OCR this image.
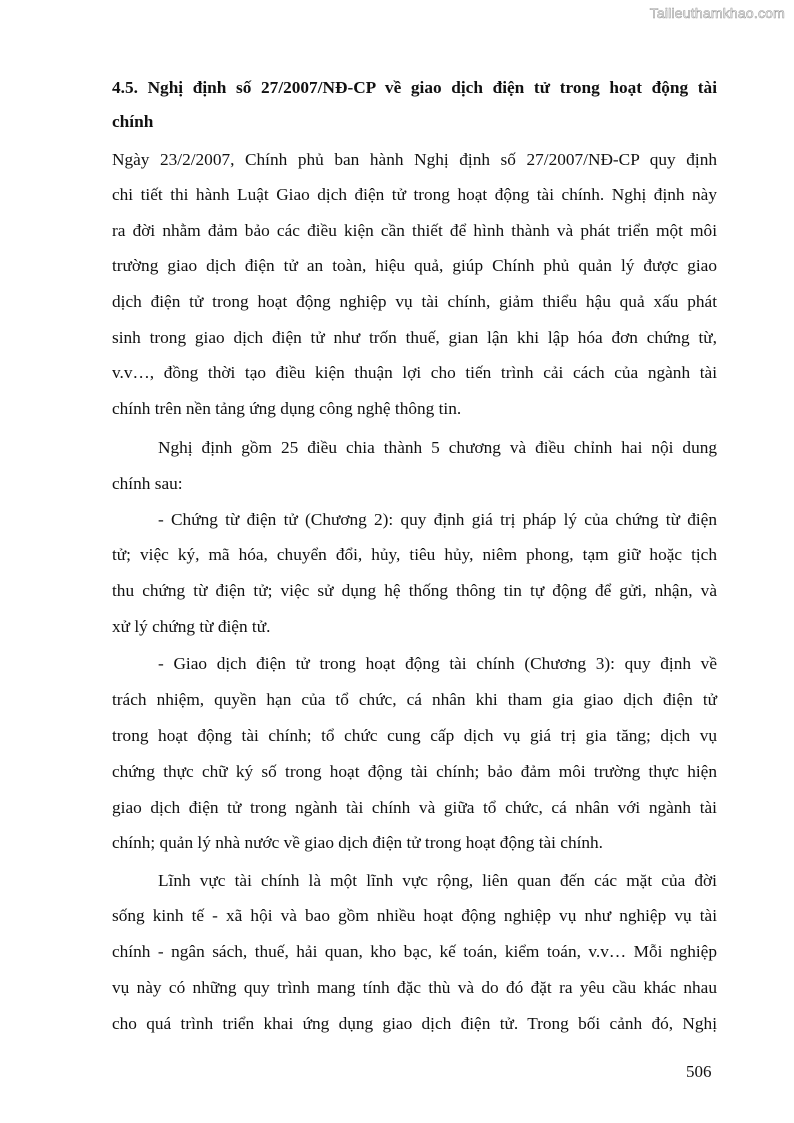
Tailieuthamkhao.com
4.5. Nghị định số 27/2007/NĐ-CP về giao dịch điện tử trong hoạt động tài
chính
Ngày 23/2/2007, Chính phủ ban hành Nghị định số 27/2007/NĐ-CP quy định
chi tiết thi hành Luật Giao dịch điện tử trong hoạt động tài chính. Nghị định này
ra đời nhằm đảm bảo các điều kiện cần thiết để hình thành và phát triển một môi
trường giao dịch điện tử an toàn, hiệu quả, giúp Chính phủ quản lý được giao
dịch điện tử trong hoạt động nghiệp vụ tài chính, giảm thiểu hậu quả xấu phát
sinh trong giao dịch điện tử như trốn thuế, gian lận khi lập hóa đơn chứng từ,
v.v…, đồng thời tạo điều kiện thuận lợi cho tiến trình cải cách của ngành tài
chính trên nền tảng ứng dụng công nghệ thông tin.
Nghị định gồm 25 điều chia thành 5 chương và điều chỉnh hai nội dung
chính sau:
- Chứng từ điện tử (Chương 2): quy định giá trị pháp lý của chứng từ điện
tử; việc ký, mã hóa, chuyển đổi, hủy, tiêu hủy, niêm phong, tạm giữ hoặc tịch
thu chứng từ điện tử; việc sử dụng hệ thống thông tin tự động để gửi, nhận, và
xử lý chứng từ điện tử.
- Giao dịch điện tử trong hoạt động tài chính (Chương 3): quy định về
trách nhiệm, quyền hạn của tổ chức, cá nhân khi tham gia giao dịch điện tử
trong hoạt động tài chính; tổ chức cung cấp dịch vụ giá trị gia tăng; dịch vụ
chứng thực chữ ký số trong hoạt động tài chính; bảo đảm môi trường thực hiện
giao dịch điện tử trong ngành tài chính và giữa tổ chức, cá nhân với ngành tài
chính; quản lý nhà nước về giao dịch điện tử trong hoạt động tài chính.
Lĩnh vực tài chính là một lĩnh vực rộng, liên quan đến các mặt của đời
sống kinh tế - xã hội và bao gồm nhiều hoạt động nghiệp vụ như nghiệp vụ tài
chính - ngân sách, thuế, hải quan, kho bạc, kế toán, kiểm toán, v.v… Mỗi nghiệp
vụ này có những quy trình mang tính đặc thù và do đó đặt ra yêu cầu khác nhau
cho quá trình triển khai ứng dụng giao dịch điện tử. Trong bối cảnh đó, Nghị
506
